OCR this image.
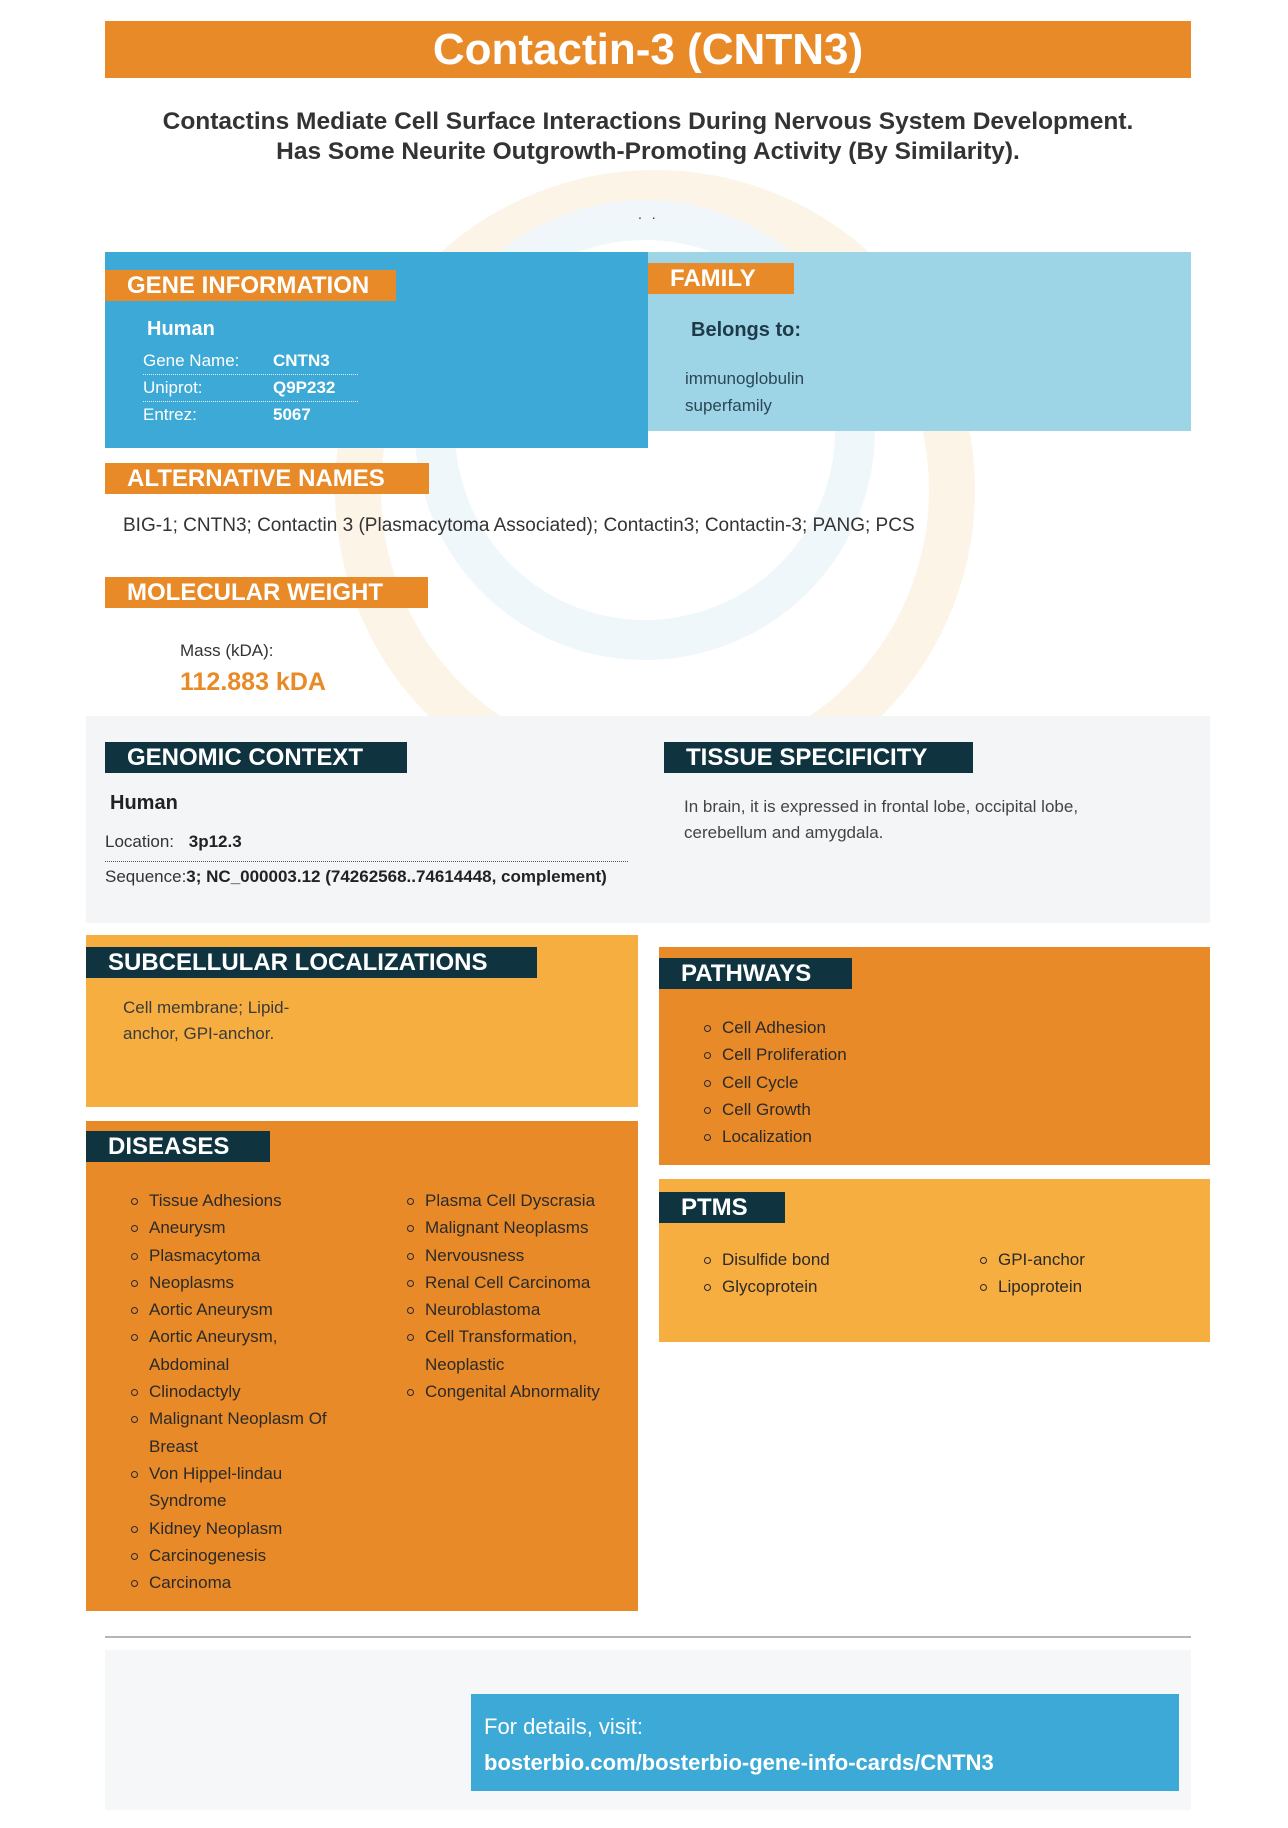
Contactin-3 (CNTN3)
Contactins Mediate Cell Surface Interactions During Nervous System Development.
Has Some Neurite Outgrowth-Promoting Activity (By Similarity).
. .
GENE INFORMATION
Human
Gene Name: CNTN3
Uniprot:	Q9P232
Entrez:	5067
FAMILY
Belongs to:
immunoglobulin
superfamily
ALTERNATIVE NAMES
BIG-1; CNTN3; Contactin 3 (Plasmacytoma Associated); Contactin3; Contactin-3; PANG; PCS
MOLECULAR WEIGHT
Mass (kDA):
112.883 kDA
GENOMIC CONTEXT
Human
Location: 3p12.3
Sequence:3; NC_000003.12 (74262568..74614448, complement)
TISSUE SPECIFICITY
In brain, it is expressed in frontal lobe, occipital lobe,
cerebellum and amygdala.
SUBCELLULAR LOCALIZATIONS
Cell membrane; Lipid-
anchor, GPI-anchor.
DISEASES
Tissue Adhesions
Aneurysm
Plasmacytoma
Neoplasms
Aortic Aneurysm
Aortic Aneurysm,
Abdominal
Clinodactyly
Malignant Neoplasm Of
Breast
Von Hippel-lindau
Syndrome
Kidney Neoplasm
Carcinogenesis
Carcinoma
Plasma Cell Dyscrasia
Malignant Neoplasms
Nervousness
Renal Cell Carcinoma
Neuroblastoma
Cell Transformation,
Neoplastic
Congenital Abnormality
PATHWAYS
Cell Adhesion
Cell Proliferation
Cell Cycle
Cell Growth
Localization
PTMS
Disulfide bond
Glycoprotein
GPI-anchor
Lipoprotein
For details, visit:
bosterbio.com/bosterbio-gene-info-cards/CNTN3
